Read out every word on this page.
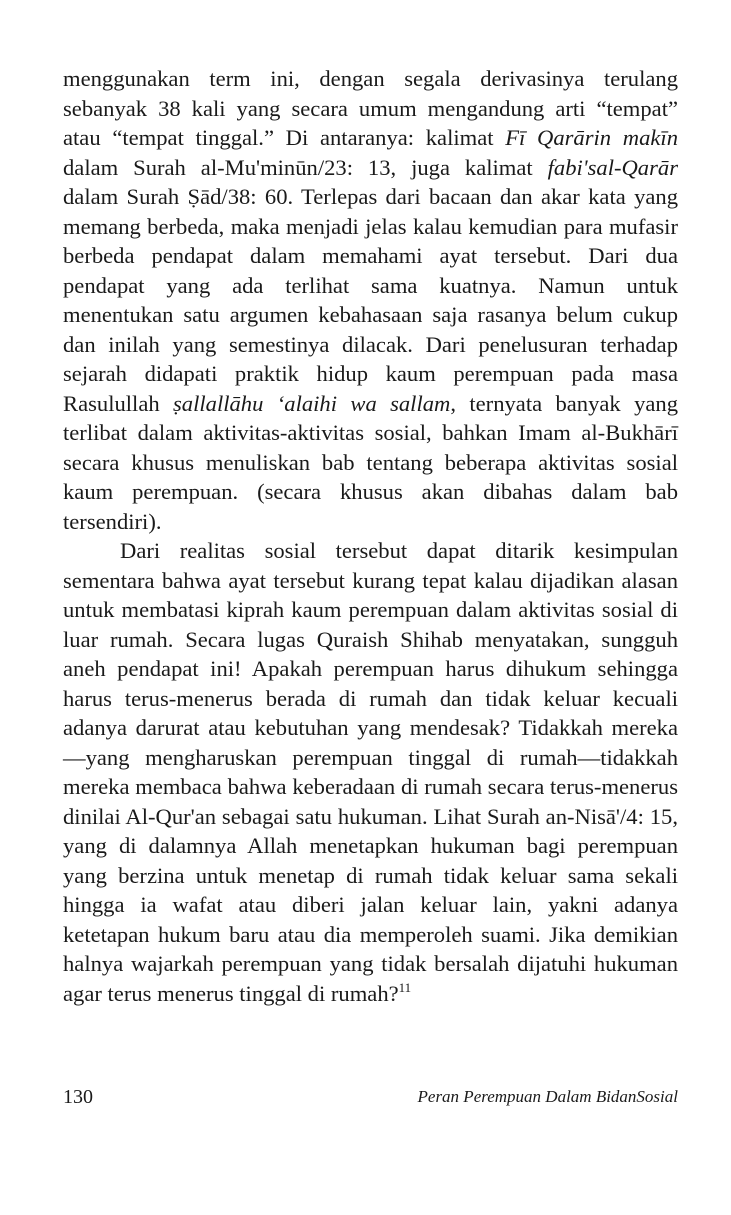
menggunakan term ini, dengan segala derivasinya terulang sebanyak 38 kali yang secara umum mengandung arti “tempat” atau “tempat tinggal.” Di antaranya: kalimat Fī Qarārin makīn dalam Surah al-Mu'minūn/23: 13, juga kalimat fabi'sal-Qarār dalam Surah Ṣād/38: 60. Terlepas dari bacaan dan akar kata yang memang berbeda, maka menjadi jelas kalau kemudian para mufasir berbeda pendapat dalam memahami ayat tersebut. Dari dua pendapat yang ada terlihat sama kuatnya. Namun untuk menentukan satu argumen kebahasaan saja rasanya belum cukup dan inilah yang semestinya dilacak. Dari penelusuran terhadap sejarah didapati praktik hidup kaum perempuan pada masa Rasulullah ṣallallāhu ‘alaihi wa sallam, ternyata banyak yang terlibat dalam aktivitas-aktivitas sosial, bahkan Imam al-Bukhārī secara khusus menuliskan bab tentang beberapa aktivitas sosial kaum perempuan. (secara khusus akan dibahas dalam bab tersendiri).

Dari realitas sosial tersebut dapat ditarik kesimpulan sementara bahwa ayat tersebut kurang tepat kalau dijadikan alasan untuk membatasi kiprah kaum perempuan dalam aktivitas sosial di luar rumah. Secara lugas Quraish Shihab menyatakan, sungguh aneh pendapat ini! Apakah perempuan harus dihukum sehingga harus terus-menerus berada di rumah dan tidak keluar kecuali adanya darurat atau kebutuhan yang mendesak? Tidakkah mereka—yang mengharuskan perempuan tinggal di rumah—tidakkah mereka membaca bahwa keberadaan di rumah secara terus-menerus dinilai Al-Qur'an sebagai satu hukuman. Lihat Surah an-Nisā'/4: 15, yang di dalamnya Allah menetapkan hukuman bagi perempuan yang berzina untuk menetap di rumah tidak keluar sama sekali hingga ia wafat atau diberi jalan keluar lain, yakni adanya ketetapan hukum baru atau dia memperoleh suami. Jika demikian halnya wajarkah perempuan yang tidak bersalah dijatuhi hukuman agar terus menerus tinggal di rumah?$^{11}$

130	Peran Perempuan Dalam BidanSosial
